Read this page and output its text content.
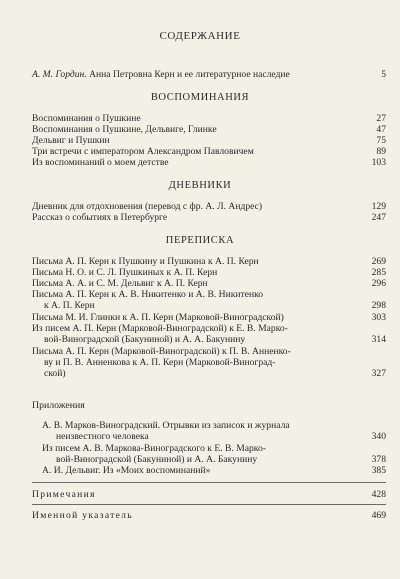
СОДЕРЖАНИЕ
А. М. Гордин. Анна Петровна Керн и ее литературное наследие	5
ВОСПОМИНАНИЯ
Воспоминания о Пушкине	27
Воспоминания о Пушкине, Дельвиге, Глинке	47
Дельвиг и Пушкин	75
Три встречи с императором Александром Павловичем	89
Из воспоминаний о моем детстве	103
ДНЕВНИКИ
Дневник для отдохновения (перевод с фр. А. Л. Андрес)	129
Рассказ о событиях в Петербурге	247
ПЕРЕПИСКА
Письма А. П. Керн к Пушкину и Пушкина к А. П. Керн	269
Письма Н. О. и С. Л. Пушкиных к А. П. Керн	285
Письма А. А. и С. М. Дельвиг к А. П. Керн	296
Письма А. П. Керн к А. В. Никитенко и А. В. Никитенко
к А. П. Керн	298
Письма М. И. Глинки к А. П. Керн (Марковой-Виноградской)	303
Из писем А. П. Керн (Марковой-Виноградской) к Е. В. Марко-
вой-Виноградской (Бакуниной) и А. А. Бакунину	314
Письма А. П. Керн (Марковой-Виноградской) к П. В. Анненко-
ву и П. В. Анненкова к А. П. Керн (Марковой-Виноград-
ской)	327
Приложения
А. В. Марков-Виноградский. Отрывки из записок и журнала
неизвестного человека	340
Из писем А. В. Маркова-Виноградского к Е. В. Марко-
вой-Виноградской (Бакуниной) и А. А. Бакунину	378
А. И. Дельвиг. Из «Моих воспоминаний»	385
Примечания	428
Именной указатель	469
